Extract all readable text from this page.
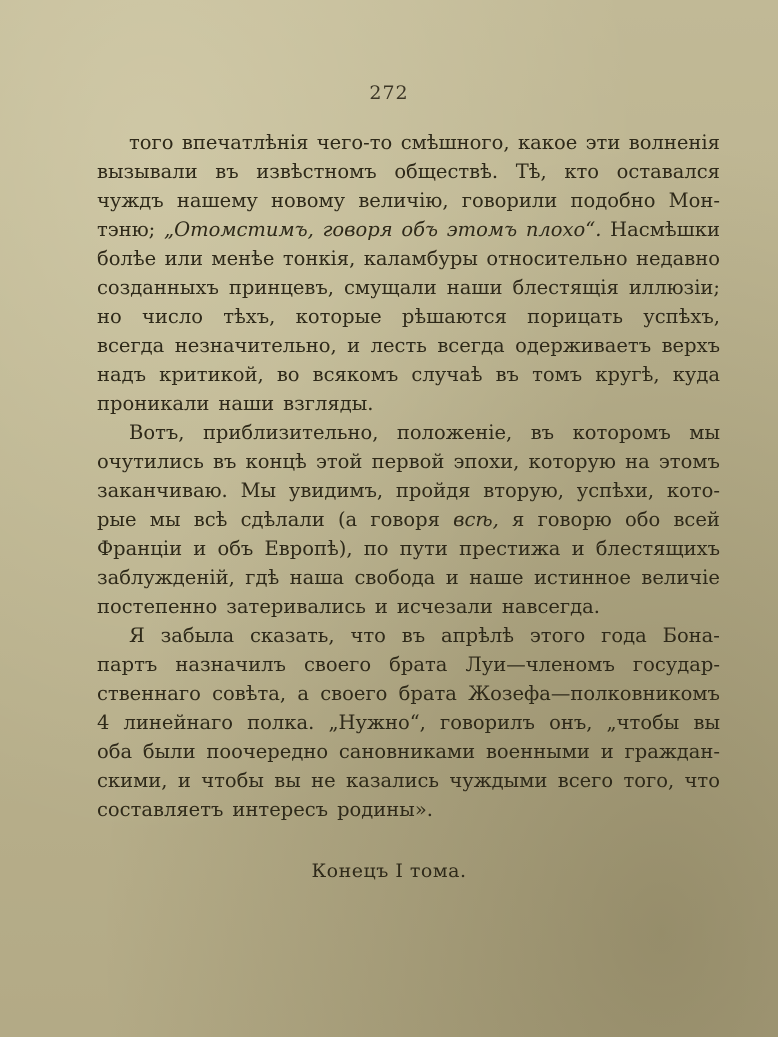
272
того впечатлѣнія чего-то смѣшного, какое эти волненія
вызывали въ извѣстномъ обществѣ. Тѣ, кто оставался
чуждъ нашему новому величію, говорили подобно Мон-
тэню; „Отомстимъ, говоря объ этомъ плохо“. Насмѣшки
болѣе или менѣе тонкія, каламбуры относительно недавно
созданныхъ принцевъ, смущали наши блестящія иллюзіи;
но число тѣхъ, которые рѣшаются порицать успѣхъ,
всегда незначительно, и лесть всегда одерживаетъ верхъ
надъ критикой, во всякомъ случаѣ въ томъ кругѣ, куда
проникали наши взгляды.
Вотъ, приблизительно, положеніе, въ которомъ мы
очутились въ концѣ этой первой эпохи, которую на этомъ
заканчиваю. Мы увидимъ, пройдя вторую, успѣхи, кото-
рые мы всѣ сдѣлали (а говоря всѣ, я говорю обо всей
Франціи и объ Европѣ), по пути престижа и блестящихъ
заблужденій, гдѣ наша свобода и наше истинное величіе
постепенно затеривались и исчезали навсегда.
Я забыла сказать, что въ апрѣлѣ этого года Бона-
партъ назначилъ своего брата Луи—членомъ государ-
ственнаго совѣта, а своего брата Жозефа—полковникомъ
4 линейнаго полка. „Нужно“, говорилъ онъ, „чтобы вы
оба были поочередно сановниками военными и граждан-
скими, и чтобы вы не казались чуждыми всего того, что
составляетъ интересъ родины».
Конецъ I тома.
